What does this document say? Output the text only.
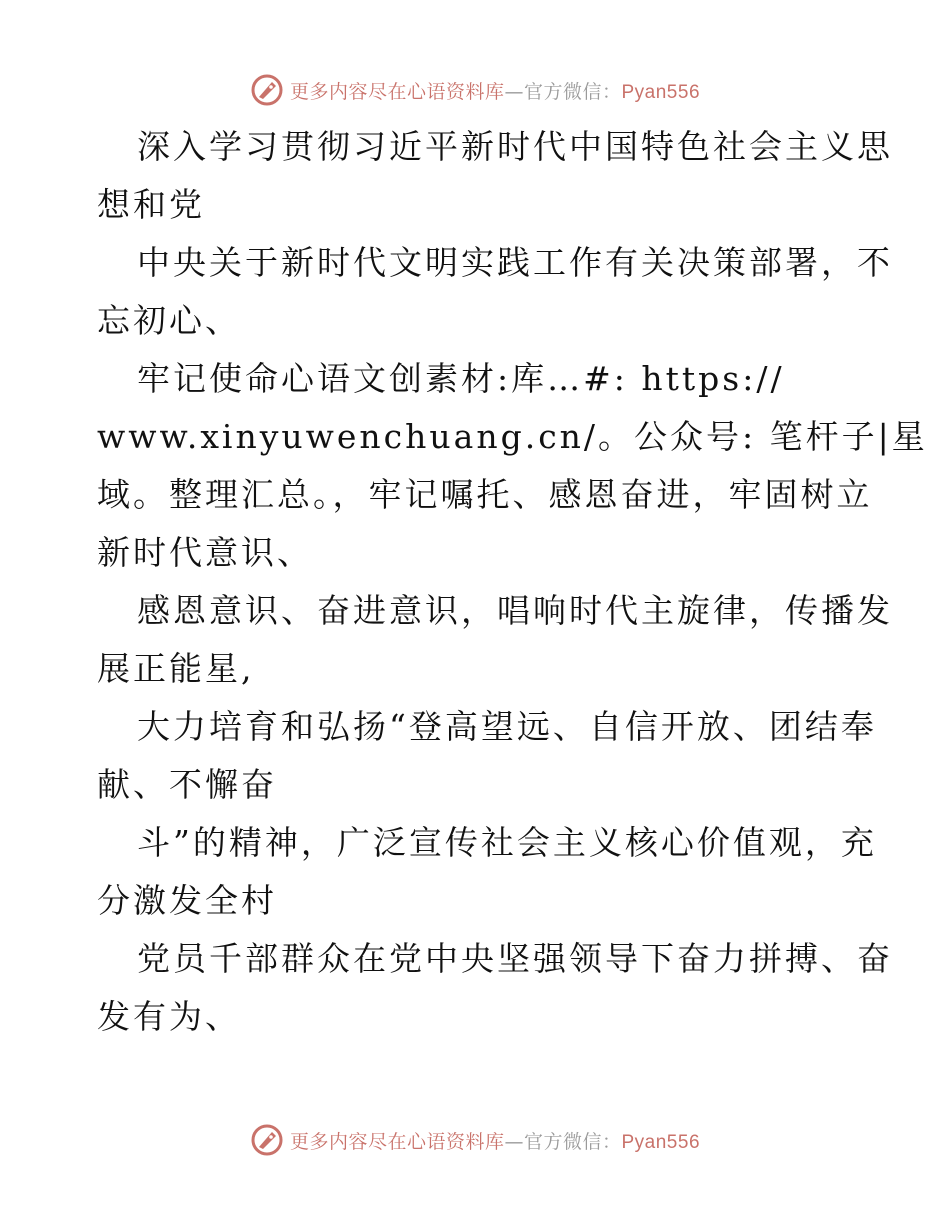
更多内容尽在心语资料库—官方微信：Pyan556
深入学习贯彻习近平新时代中国特色社会主义思
想和党
中央关于新时代文明实践工作有关决策部署，不
忘初心、
牢记使命心语文创素材:库…#: https://
www.xinyuwenchuang.cn/。公众号: 笔杆子|星
域。整理汇总。，牢记嘱托、感恩奋进，牢固树立
新时代意识、
感恩意识、奋进意识，唱响时代主旋律，传播发
展正能星,
大力培育和弘扬“登高望远、自信开放、团结奉
献、不懈奋
斗”的精神，广泛宣传社会主义核心价值观，充
分激发全村
党员千部群众在党中央坚强领导下奋力拼搏、奋
发有为、
更多内容尽在心语资料库—官方微信：Pyan556
